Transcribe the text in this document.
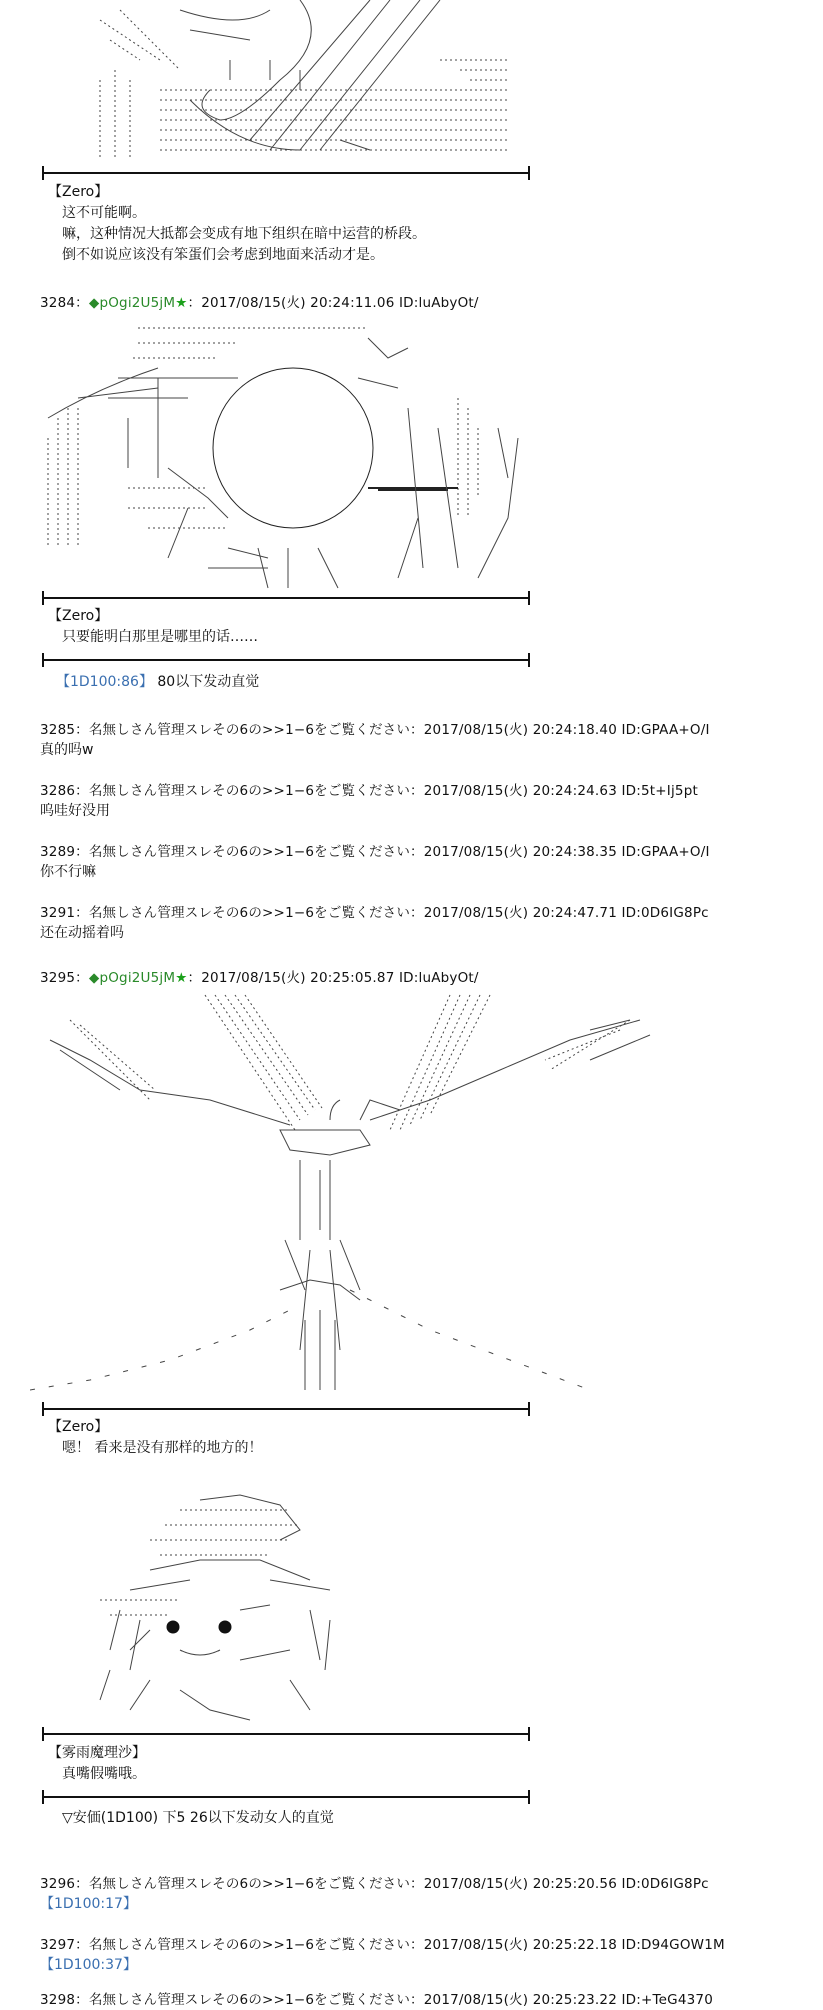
【Zero】
这不可能啊。
嘛，这种情况大抵都会变成有地下组织在暗中运营的桥段。
倒不如说应该没有笨蛋们会考虑到地面来活动才是。
3284：◆pOgi2U5jM★：2017/08/15(火) 20:24:11.06 ID:luAbyOt/
【Zero】
只要能明白那里是哪里的话……
【1D100:86】 80以下发动直觉
3285：名無しさん管理スレその6の>>1−6をご覧ください：2017/08/15(火) 20:24:18.40 ID:GPAA+O/I
真的吗w
3286：名無しさん管理スレその6の>>1−6をご覧ください：2017/08/15(火) 20:24:24.63 ID:5t+Ij5pt
呜哇好没用
3289：名無しさん管理スレその6の>>1−6をご覧ください：2017/08/15(火) 20:24:38.35 ID:GPAA+O/I
你不行嘛
3291：名無しさん管理スレその6の>>1−6をご覧ください：2017/08/15(火) 20:24:47.71 ID:0D6IG8Pc
还在动摇着吗
3295：◆pOgi2U5jM★：2017/08/15(火) 20:25:05.87 ID:luAbyOt/
【Zero】
嗯！ 看来是没有那样的地方的！
【雾雨魔理沙】
真嘴假嘴哦。
▽安価(1D100) 下5 26以下发动女人的直觉
3296：名無しさん管理スレその6の>>1−6をご覧ください：2017/08/15(火) 20:25:20.56 ID:0D6IG8Pc
【1D100:17】
3297：名無しさん管理スレその6の>>1−6をご覧ください：2017/08/15(火) 20:25:22.18 ID:D94GOW1M
【1D100:37】
3298：名無しさん管理スレその6の>>1−6をご覧ください：2017/08/15(火) 20:25:23.22 ID:+TeG4370
